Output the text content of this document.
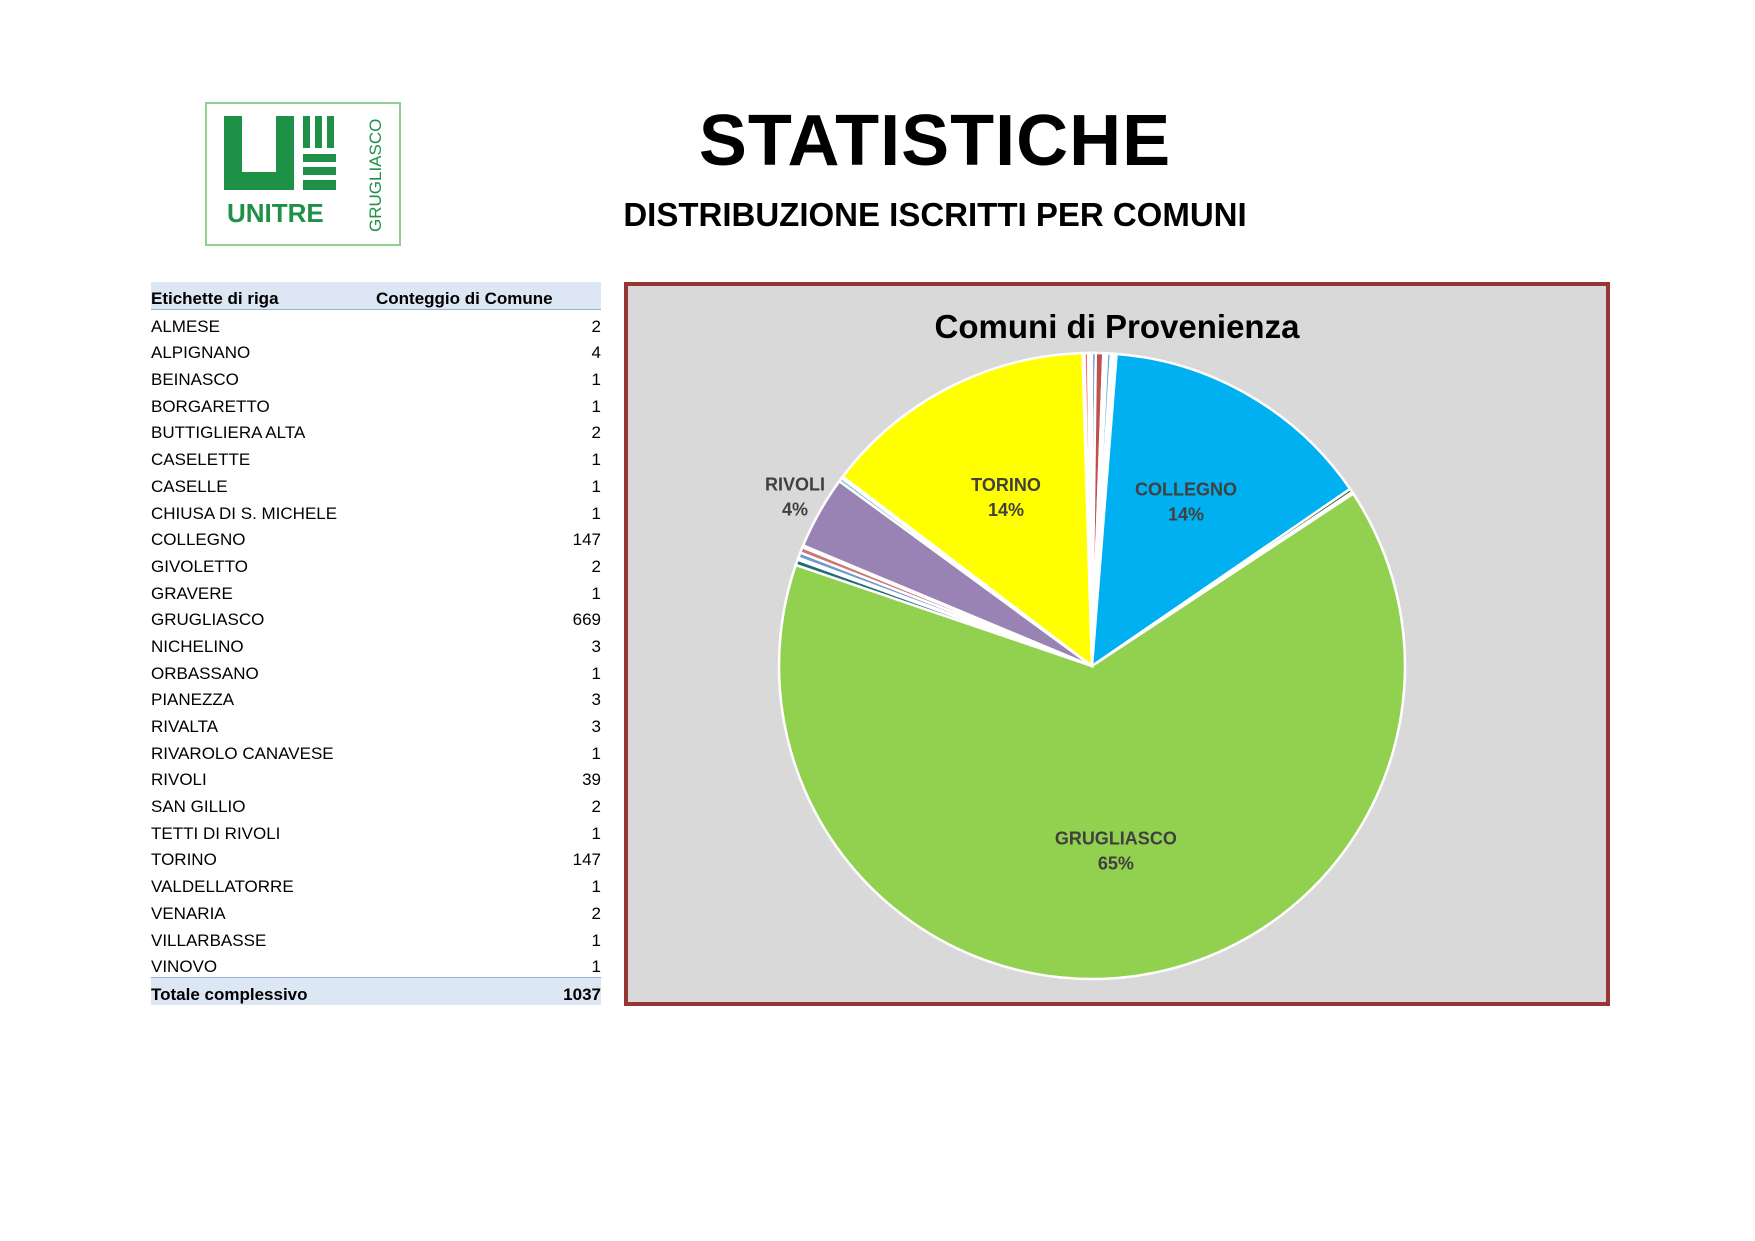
UNITRE GRUGLIASCO	STATISTICHE
DISTRIBUZIONE ISCRITTI PER COMUNI
Etichette di riga	Conteggio di Comune
ALMESE	2
ALPIGNANO	4
BEINASCO	1
BORGARETTO	1
BUTTIGLIERA ALTA	2
CASELETTE	1
CASELLE	1
CHIUSA DI S. MICHELE	1
COLLEGNO	147
GIVOLETTO	2
GRAVERE	1
GRUGLIASCO	669
NICHELINO	3
ORBASSANO	1
PIANEZZA	3
RIVALTA	3
RIVAROLO CANAVESE	1
RIVOLI	39
SAN GILLIO	2
TETTI DI RIVOLI	1
TORINO	147
VALDELLATORRE	1
VENARIA	2
VILLARBASSE	1
VINOVO	1
Totale complessivo	1037
Comuni di Provenienza
COLLEGNO 14%
GRUGLIASCO 65%
RIVOLI 4%
TORINO 14%
